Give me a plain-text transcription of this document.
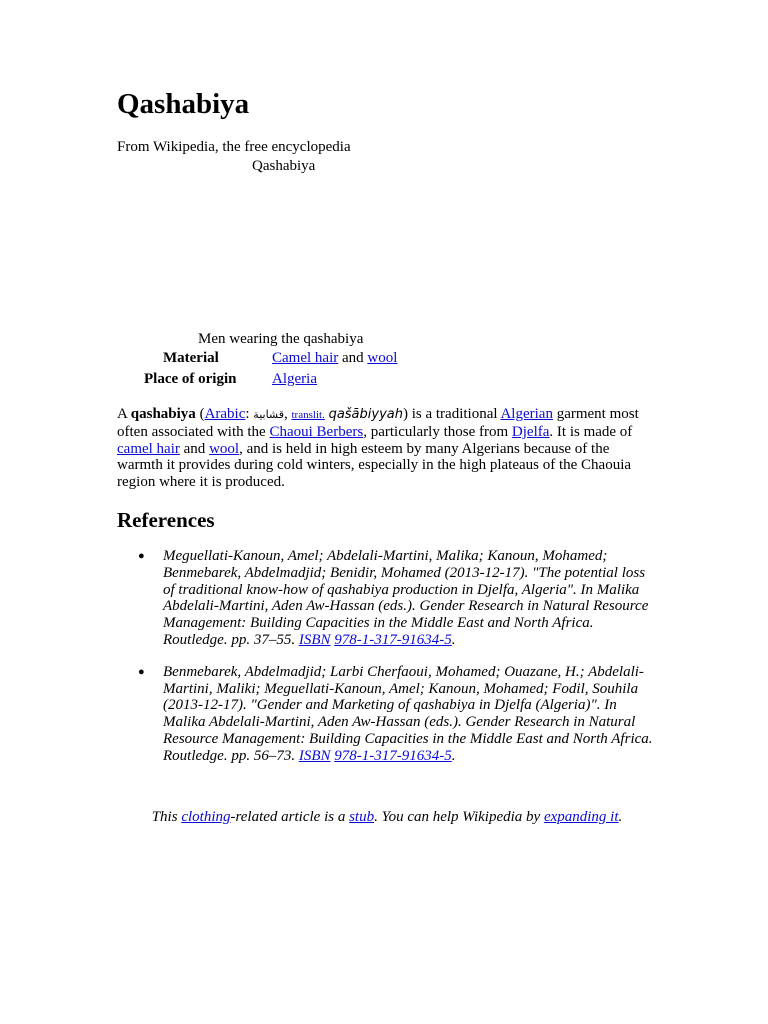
Qashabiya
From Wikipedia, the free encyclopedia
Qashabiya
Men wearing the qashabiya
Material	Camel hair and wool
Place of origin Algeria

A qashabiya (Arabic: قشابية, translit. qašābiyyah) is a traditional Algerian garment most often associated with the Chaoui Berbers, particularly those from Djelfa. It is made of camel hair and wool, and is held in high esteem by many Algerians because of the warmth it provides during cold winters, especially in the high plateaus of the Chaouia region where it is produced.

References
● Meguellati-Kanoun, Amel; Abdelali-Martini, Malika; Kanoun, Mohamed; Benmebarek, Abdelmadjid; Benidir, Mohamed (2013-12-17). "The potential loss of traditional know-how of qashabiya production in Djelfa, Algeria". In Malika Abdelali-Martini, Aden Aw-Hassan (eds.). Gender Research in Natural Resource Management: Building Capacities in the Middle East and North Africa. Routledge. pp. 37–55. ISBN 978-1-317-91634-5.
● Benmebarek, Abdelmadjid; Larbi Cherfaoui, Mohamed; Ouazane, H.; Abdelali-Martini, Maliki; Meguellati-Kanoun, Amel; Kanoun, Mohamed; Fodil, Souhila (2013-12-17). "Gender and Marketing of qashabiya in Djelfa (Algeria)". In Malika Abdelali-Martini, Aden Aw-Hassan (eds.). Gender Research in Natural Resource Management: Building Capacities in the Middle East and North Africa. Routledge. pp. 56–73. ISBN 978-1-317-91634-5.
This clothing-related article is a stub. You can help Wikipedia by expanding it.
